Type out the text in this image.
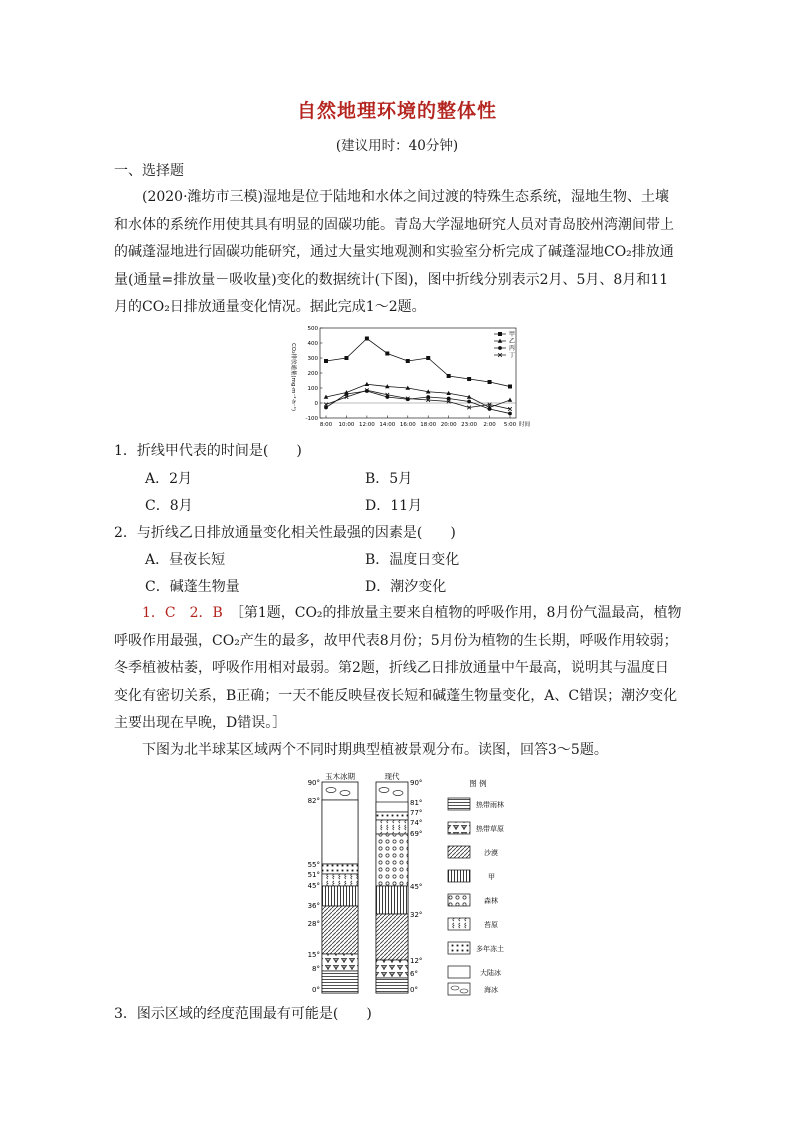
自然地理环境的整体性
(建议用时：40分钟)
一、选择题
(2020·潍坊市三模)湿地是位于陆地和水体之间过渡的特殊生态系统，湿地生物、土壤和水体的系统作用使其具有明显的固碳功能。青岛大学湿地研究人员对青岛胶州湾潮间带上的碱蓬湿地进行固碳功能研究，通过大量实地观测和实验室分析完成了碱蓬湿地CO₂排放通量(通量=排放量－吸收量)变化的数据统计(下图)，图中折线分别表示2月、5月、8月和11月的CO₂日排放通量变化情况。据此完成1～2题。
CO₂排放通量(mg·m⁻²·h⁻¹)
500
400
300
200
100
0
-100
8:00 10:00 12:00 14:00 16:00 18:00 20:00 23:00 2:00 5:00 时间
甲
乙
丙
丁
1．折线甲代表的时间是(　　)
A．2月	B．5月
C．8月	D．11月
2．与折线乙日排放通量变化相关性最强的因素是(　　)
A．昼夜长短	B．温度日变化
C．碱蓬生物量	D．潮汐变化
1．C　2．B　 ［第1题，CO₂的排放量主要来自植物的呼吸作用，8月份气温最高，植物呼吸作用最强，CO₂产生的最多，故甲代表8月份；5月份为植物的生长期，呼吸作用较弱；冬季植被枯萎，呼吸作用相对最弱。第2题，折线乙日排放通量中午最高，说明其与温度日变化有密切关系，B正确；一天不能反映昼夜长短和碱蓬生物量变化，A、C错误；潮汐变化主要出现在早晚，D错误。］
下图为北半球某区域两个不同时期典型植被景观分布。读图，回答3～5题。
玉木冰期	现代
90°
82°
55°
51°
45°
36°
28°
15°
8°
0°
90°
81°
77°
74°
69°
45°
32°
12°
6°
0°
图 例
热带雨林
热带草原
沙漠
甲
森林
苔原
多年冻土
大陆冰
海冰
3．图示区域的经度范围最有可能是(　　)
